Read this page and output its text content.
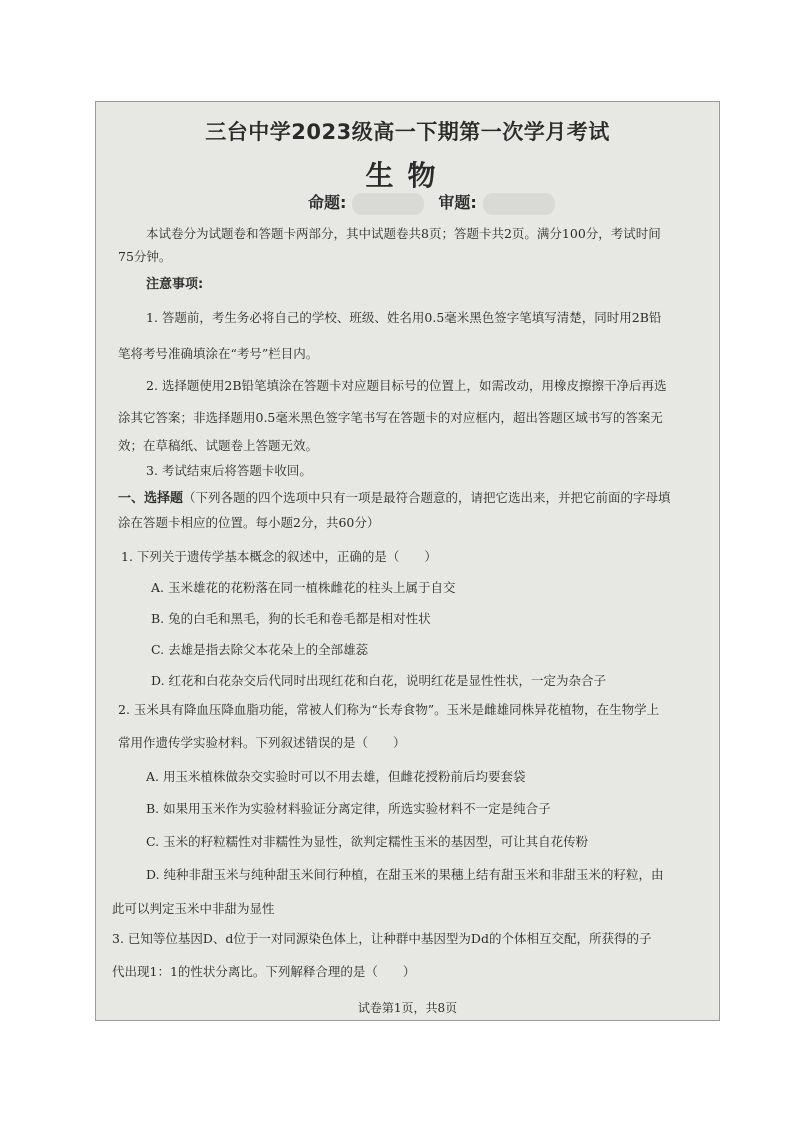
三台中学2023级高一下期第一次学月考试
生物
命题:	审题:
本试卷分为试题卷和答题卡两部分，其中试题卷共8页；答题卡共2页。满分100分，考试时间
75分钟。
注意事项:
1. 答题前，考生务必将自己的学校、班级、姓名用0.5毫米黑色签字笔填写清楚，同时用2B铅
笔将考号准确填涂在“考号”栏目内。
2. 选择题使用2B铅笔填涂在答题卡对应题目标号的位置上，如需改动，用橡皮擦擦干净后再选
涂其它答案；非选择题用0.5毫米黑色签字笔书写在答题卡的对应框内，超出答题区域书写的答案无
效；在草稿纸、试题卷上答题无效。
3. 考试结束后将答题卡收回。
一、选择题（下列各题的四个选项中只有一项是最符合题意的，请把它选出来，并把它前面的字母填
涂在答题卡相应的位置。每小题2分，共60分）
1. 下列关于遗传学基本概念的叙述中，正确的是（　　）
A. 玉米雄花的花粉落在同一植株雌花的柱头上属于自交
B. 兔的白毛和黑毛，狗的长毛和卷毛都是相对性状
C. 去雄是指去除父本花朵上的全部雄蕊
D. 红花和白花杂交后代同时出现红花和白花，说明红花是显性性状，一定为杂合子
2. 玉米具有降血压降血脂功能，常被人们称为“长寿食物”。玉米是雌雄同株异花植物，在生物学上
常用作遗传学实验材料。下列叙述错误的是（　　）
A. 用玉米植株做杂交实验时可以不用去雄，但雌花授粉前后均要套袋
B. 如果用玉米作为实验材料验证分离定律，所选实验材料不一定是纯合子
C. 玉米的籽粒糯性对非糯性为显性，欲判定糯性玉米的基因型，可让其自花传粉
D. 纯种非甜玉米与纯种甜玉米间行种植，在甜玉米的果穗上结有甜玉米和非甜玉米的籽粒，由
此可以判定玉米中非甜为显性
3. 已知等位基因D、d位于一对同源染色体上，让种群中基因型为Dd的个体相互交配，所获得的子
代出现1：1的性状分离比。下列解释合理的是（　　）
试卷第1页，共8页
